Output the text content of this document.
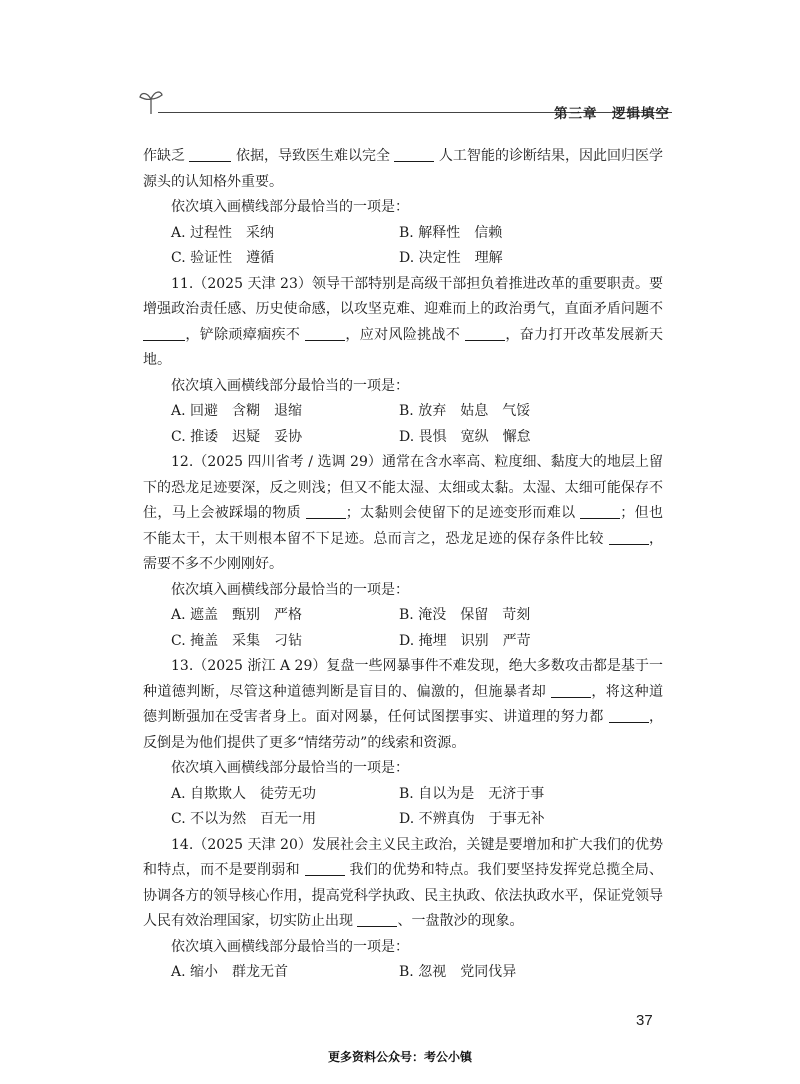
第三章　 逻辑填空

作缺乏	依据，导致医生难以完全	人工智能的诊断结果，因此回归医学源头的认知格外重要。

依次填入画横线部分最恰当的一项是：
A. 过程性　采纳	B. 解释性　信赖
C. 验证性　遵循	D. 决定性　理解

11.（2025 天津 23）领导干部特别是高级干部担负着推进改革的重要职责。要增强政治责任感、历史使命感，以攻坚克难、迎难而上的政治勇气，直面矛盾问题不，铲除顽瘴痼疾不	，应对风险挑战不	，奋力打开改革发展新天地。

依次填入画横线部分最恰当的一项是：
A. 回避　含糊　退缩	B. 放弃　姑息　气馁
C. 推诿　迟疑　妥协	D. 畏惧　宽纵　懈怠

12.（2025 四川省考 / 选调 29）通常在含水率高、粒度细、黏度大的地层上留下的恐龙足迹要深，反之则浅；但又不能太湿、太细或太黏。太湿、太细可能保存不住，马上会被踩塌的物质	；太黏则会使留下的足迹变形而难以	；但也不能太干，太干则根本留不下足迹。总而言之，恐龙足迹的保存条件比较	，需要不多不少刚刚好。

依次填入画横线部分最恰当的一项是：
A. 遮盖　甄别　严格	B. 淹没　保留　苛刻
C. 掩盖　采集　刁钻	D. 掩埋　识别　严苛

13.（2025 浙江 A 29）复盘一些网暴事件不难发现，绝大多数攻击都是基于一种道德判断，尽管这种道德判断是盲目的、偏激的，但施暴者却	，将这种道德判断强加在受害者身上。面对网暴，任何试图摆事实、讲道理的努力都	，反倒是为他们提供了更多“情绪劳动”的线索和资源。

依次填入画横线部分最恰当的一项是：
A. 自欺欺人　徒劳无功	B. 自以为是　无济于事
C. 不以为然　百无一用	D. 不辨真伪　于事无补

14.（2025 天津 20）发展社会主义民主政治，关键是要增加和扩大我们的优势和特点，而不是要削弱和	我们的优势和特点。我们要坚持发挥党总揽全局、协调各方的领导核心作用，提高党科学执政、民主执政、依法执政水平，保证党领导人民有效治理国家，切实防止出现	、一盘散沙的现象。

依次填入画横线部分最恰当的一项是：
A. 缩小　群龙无首	B. 忽视　党同伐异
37
更多资料公众号：考公小镇
